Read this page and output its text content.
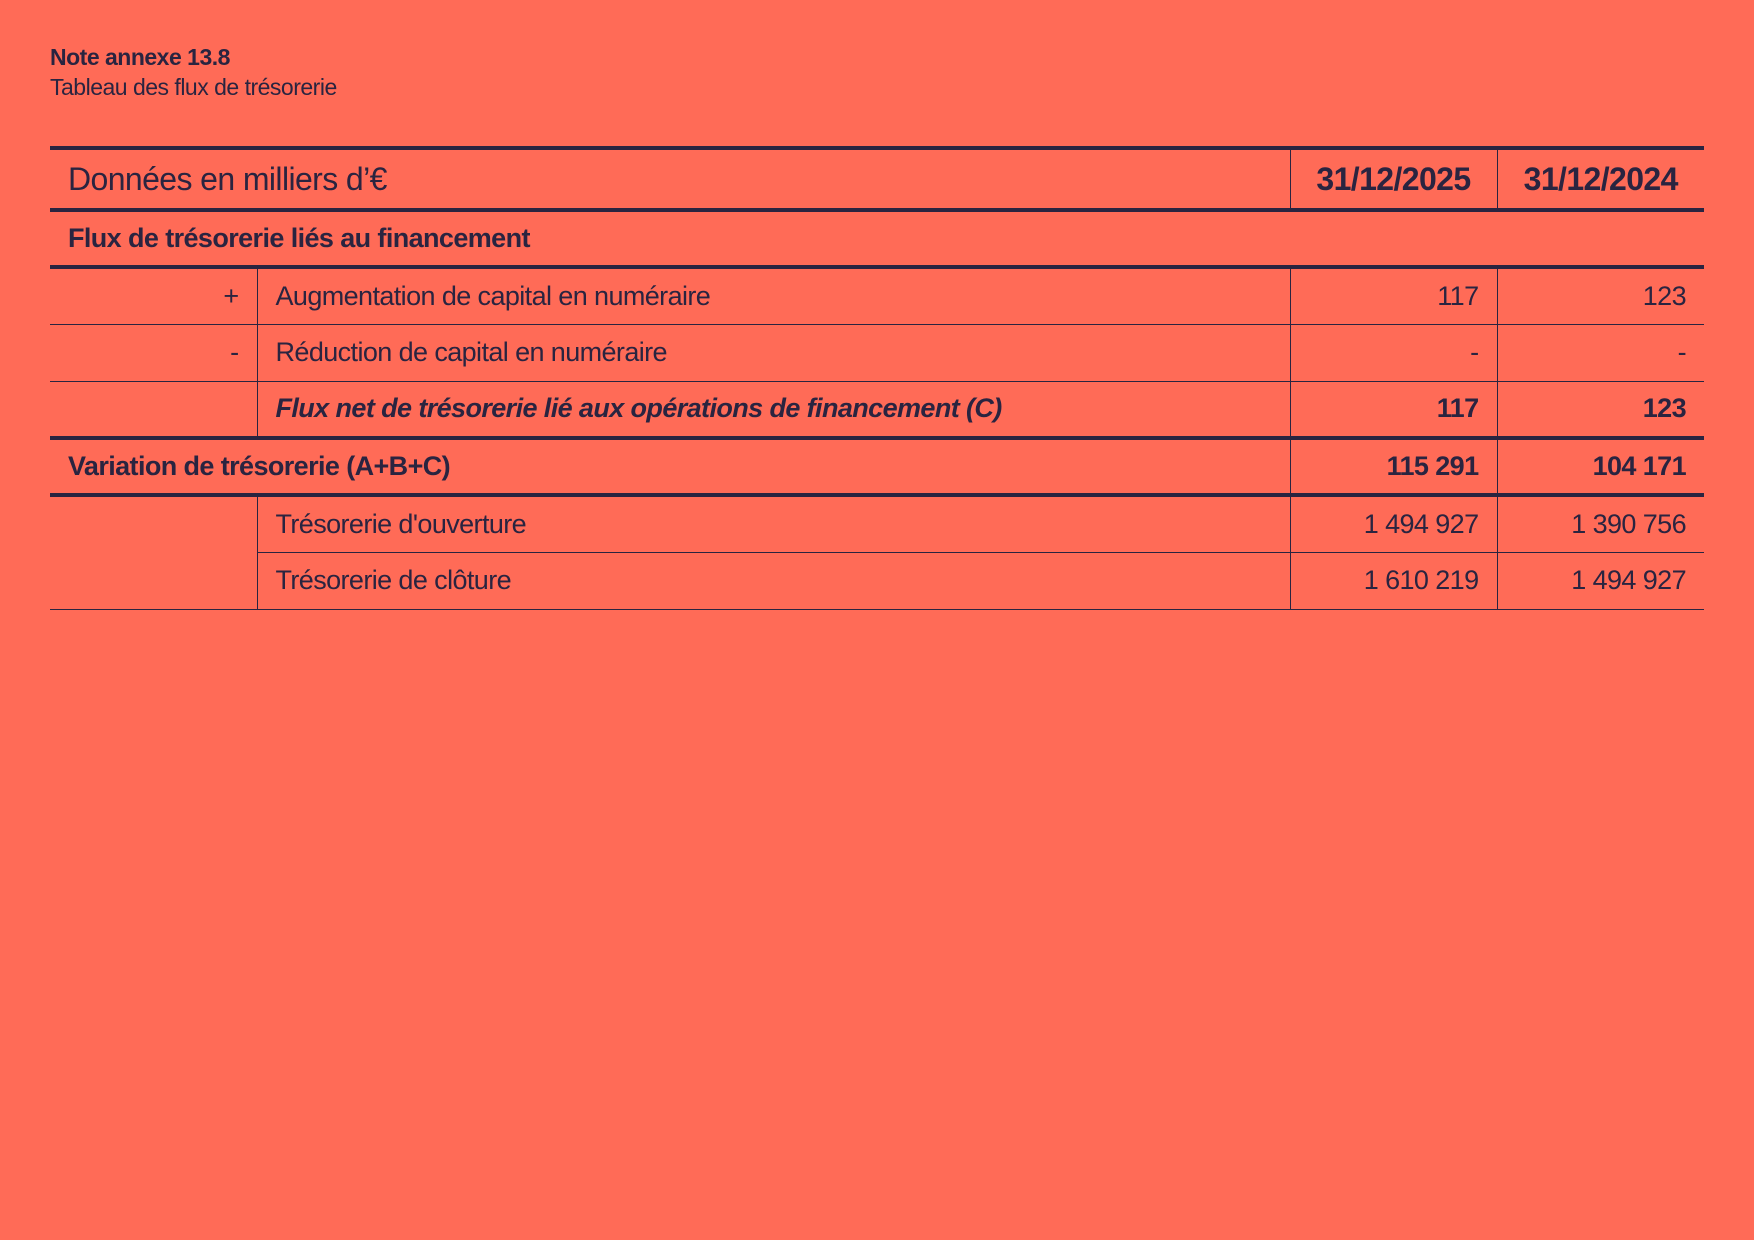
Note annexe 13.8
Tableau des flux de trésorerie
Données en milliers d’€		31/12/2025	31/12/2024
Flux de trésorerie liés au financement			
+	Augmentation de capital en numéraire	117	123
-	Réduction de capital en numéraire	-	-
	Flux net de trésorerie lié aux opérations de financement (C)	117	123
Variation de trésorerie (A+B+C)		115 291	104 171
	Trésorerie d'ouverture	1 494 927	1 390 756
	Trésorerie de clôture	1 610 219	1 494 927
